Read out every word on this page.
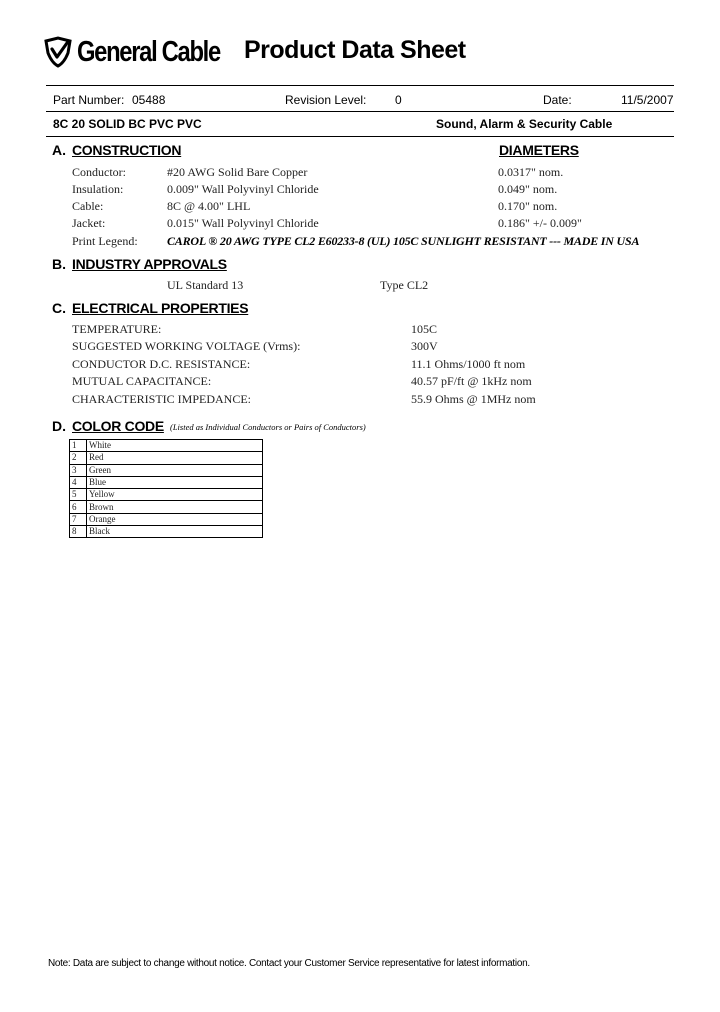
General Cable Product Data Sheet
Part Number: 05488	Revision Level: 0	Date:	11/5/2007
8C 20 SOLID BC PVC PVC	Sound, Alarm & Security Cable
A. CONSTRUCTION	DIAMETERS
Conductor:	#20 AWG Solid Bare Copper	0.0317" nom.
Insulation:	0.009" Wall Polyvinyl Chloride	0.049" nom.
Cable:	8C @ 4.00" LHL	0.170" nom.
Jacket:	0.015" Wall Polyvinyl Chloride	0.186" +/- 0.009"
Print Legend: CAROL ® 20 AWG TYPE CL2 E60233-8 (UL) 105C SUNLIGHT RESISTANT --- MADE IN USA
B. INDUSTRY APPROVALS
UL Standard 13	Type CL2
C. ELECTRICAL PROPERTIES
TEMPERATURE:	105C
SUGGESTED WORKING VOLTAGE (Vrms):	300V
CONDUCTOR D.C. RESISTANCE:	11.1 Ohms/1000 ft nom
MUTUAL CAPACITANCE:	40.57 pF/ft @ 1kHz nom
CHARACTERISTIC IMPEDANCE:	55.9 Ohms @ 1MHz nom
D. COLOR CODE (Listed as Individual Conductors or Pairs of Conductors)
1	White
2	Red
3	Green
4	Blue
5	Yellow
6	Brown
7	Orange
8	Black
Note: Data are subject to change without notice. Contact your Customer Service representative for latest information.
